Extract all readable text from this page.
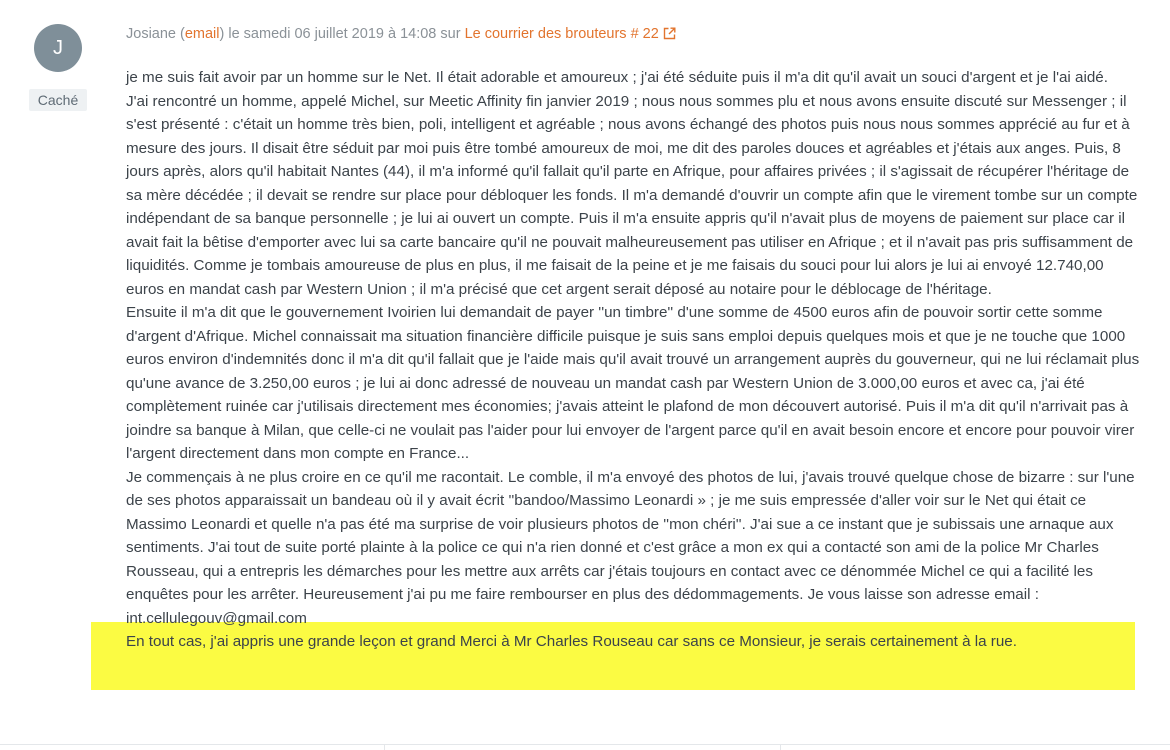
J
Caché
Josiane (email) le samedi 06 juillet 2019 à 14:08 sur Le courrier des brouteurs # 22

je me suis fait avoir par un homme sur le Net. Il était adorable et amoureux ; j'ai été séduite puis il m'a dit qu'il avait un souci d'argent et je l'ai aidé.

J'ai rencontré un homme, appelé Michel, sur Meetic Affinity fin janvier 2019 ; nous nous sommes plu et nous avons ensuite discuté sur Messenger ; il s'est présenté : c'était un homme très bien, poli, intelligent et agréable ; nous avons échangé des photos puis nous nous sommes apprécié au fur et à mesure des jours. Il disait être séduit par moi puis être tombé amoureux de moi, me dit des paroles douces et agréables et j'étais aux anges. Puis, 8 jours après, alors qu'il habitait Nantes (44), il m'a informé qu'il fallait qu'il parte en Afrique, pour affaires privées ; il s'agissait de récupérer l'héritage de sa mère décédée ; il devait se rendre sur place pour débloquer les fonds. Il m'a demandé d'ouvrir un compte afin que le virement tombe sur un compte indépendant de sa banque personnelle ; je lui ai ouvert un compte. Puis il m'a ensuite appris qu'il n'avait plus de moyens de paiement sur place car il avait fait la bêtise d'emporter avec lui sa carte bancaire qu'il ne pouvait malheureusement pas utiliser en Afrique ; et il n'avait pas pris suffisamment de liquidités. Comme je tombais amoureuse de plus en plus, il me faisait de la peine et je me faisais du souci pour lui alors je lui ai envoyé 12.740,00 euros en mandat cash par Western Union ; il m'a précisé que cet argent serait déposé au notaire pour le déblocage de l'héritage.

Ensuite il m'a dit que le gouvernement Ivoirien lui demandait de payer ''un timbre'' d'une somme de 4500 euros afin de pouvoir sortir cette somme d'argent d'Afrique. Michel connaissait ma situation financière difficile puisque je suis sans emploi depuis quelques mois et que je ne touche que 1000 euros environ d'indemnités donc il m'a dit qu'il fallait que je l'aide mais qu'il avait trouvé un arrangement auprès du gouverneur, qui ne lui réclamait plus qu'une avance de 3.250,00 euros ; je lui ai donc adressé de nouveau un mandat cash par Western Union de 3.000,00 euros et avec ca, j'ai été complètement ruinée car j'utilisais directement mes économies; j'avais atteint le plafond de mon découvert autorisé. Puis il m'a dit qu'il n'arrivait pas à joindre sa banque à Milan, que celle-ci ne voulait pas l'aider pour lui envoyer de l'argent parce qu'il en avait besoin encore et encore pour pouvoir virer l'argent directement dans mon compte en France...

Je commençais à ne plus croire en ce qu'il me racontait. Le comble, il m'a envoyé des photos de lui, j'avais trouvé quelque chose de bizarre : sur l'une de ses photos apparaissait un bandeau où il y avait écrit ''bandoo/Massimo Leonardi » ; je me suis empressée d'aller voir sur le Net qui était ce Massimo Leonardi et quelle n'a pas été ma surprise de voir plusieurs photos de ''mon chéri''. J'ai sue a ce instant que je subissais une arnaque aux sentiments. J'ai tout de suite porté plainte à la police ce qui n'a rien donné et c'est grâce a mon ex qui a contacté son ami de la police Mr Charles Rousseau, qui a entrepris les démarches pour les mettre aux arrêts car j'étais toujours en contact avec ce dénommée Michel ce qui a facilité les enquêtes pour les arrêter. Heureusement j'ai pu me faire rembourser en plus des dédommagements. Je vous laisse son adresse email : int.cellulegouv@gmail.com

En tout cas, j'ai appris une grande leçon et grand Merci à Mr Charles Rouseau car sans ce Monsieur, je serais certainement à la rue.
